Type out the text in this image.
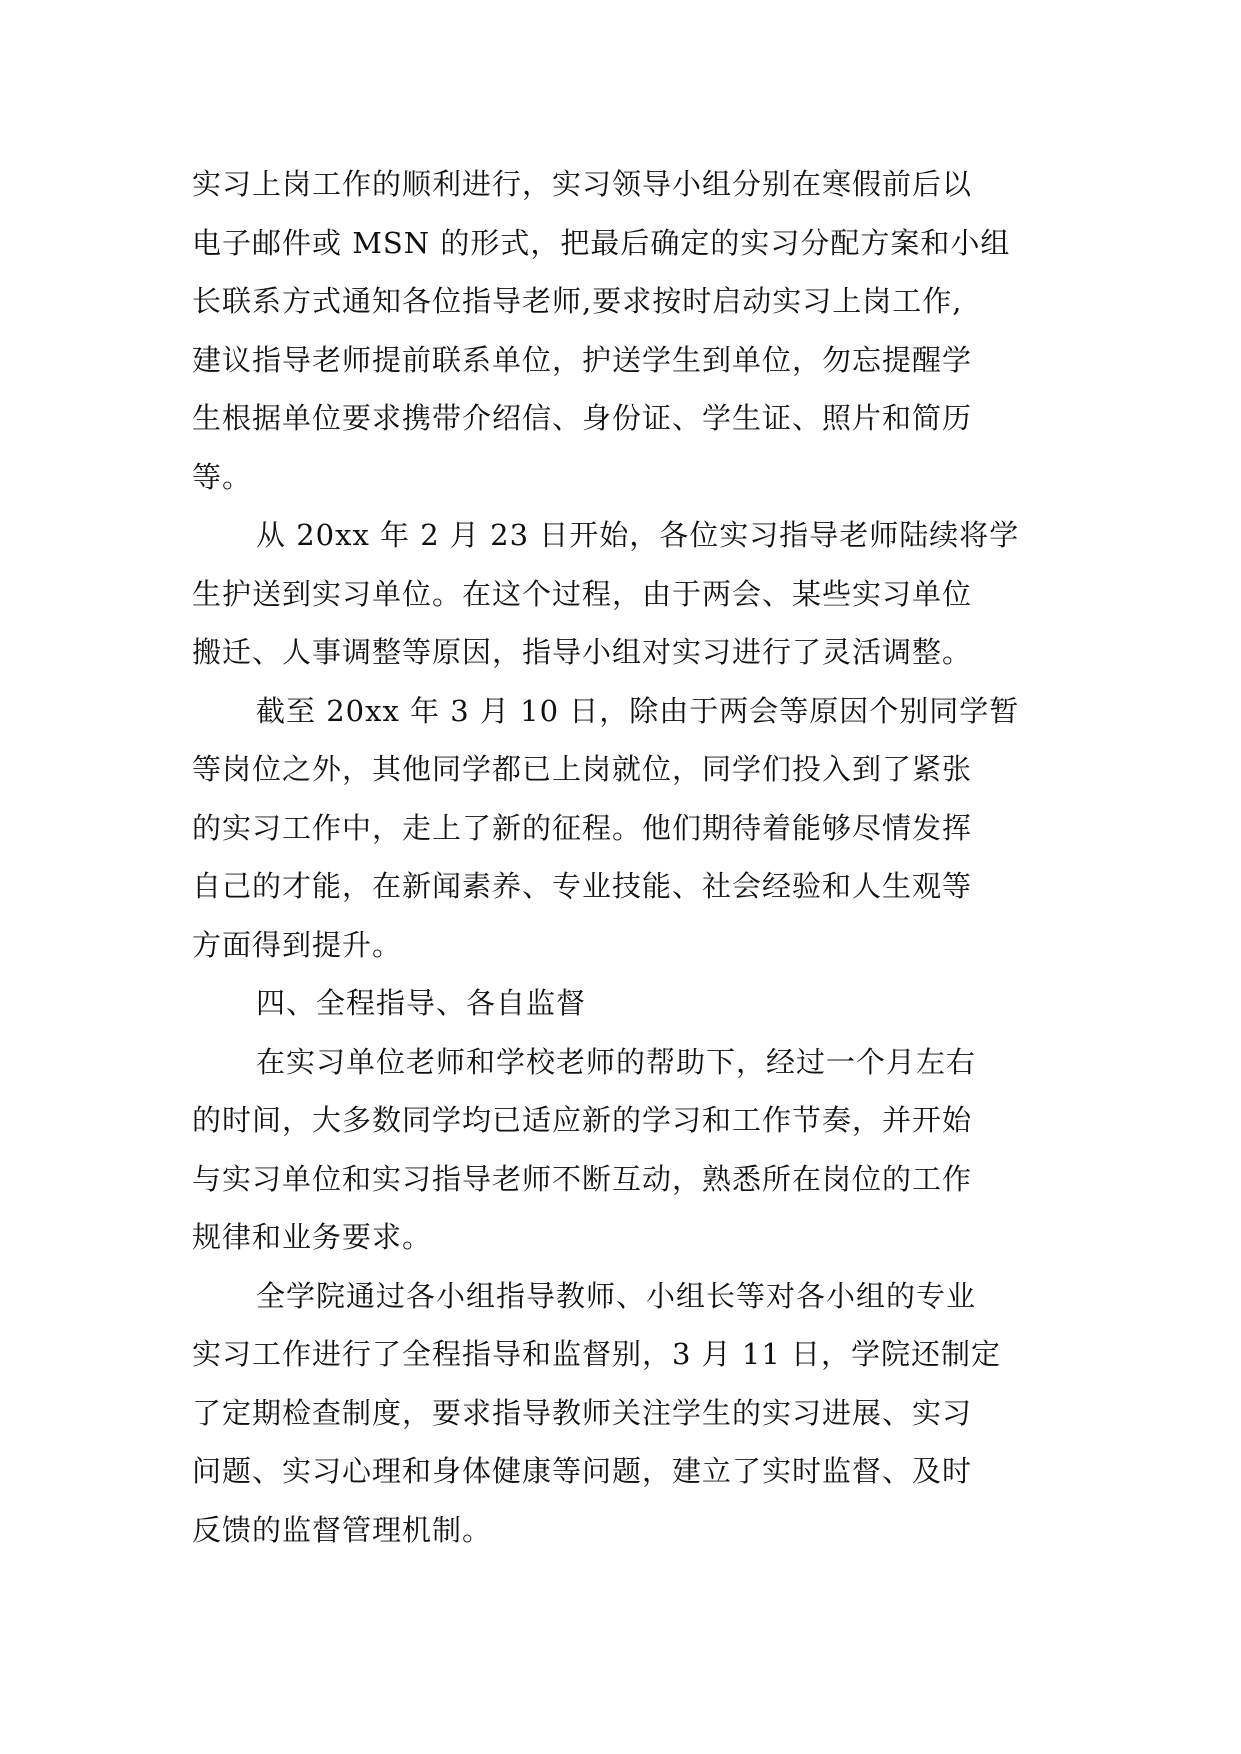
实习上岗工作的顺利进行，实习领导小组分别在寒假前后以
电子邮件或 MSN 的形式，把最后确定的实习分配方案和小组
长联系方式通知各位指导老师,要求按时启动实习上岗工作,
建议指导老师提前联系单位，护送学生到单位，勿忘提醒学
生根据单位要求携带介绍信、身份证、学生证、照片和简历
等。
从 20xx 年 2 月 23 日开始，各位实习指导老师陆续将学
生护送到实习单位。在这个过程，由于两会、某些实习单位
搬迁、人事调整等原因，指导小组对实习进行了灵活调整。
截至 20xx 年 3 月 10 日，除由于两会等原因个别同学暂
等岗位之外，其他同学都已上岗就位，同学们投入到了紧张
的实习工作中，走上了新的征程。他们期待着能够尽情发挥
自己的才能，在新闻素养、专业技能、社会经验和人生观等
方面得到提升。
四、全程指导、各自监督
在实习单位老师和学校老师的帮助下，经过一个月左右
的时间，大多数同学均已适应新的学习和工作节奏，并开始
与实习单位和实习指导老师不断互动，熟悉所在岗位的工作
规律和业务要求。
全学院通过各小组指导教师、小组长等对各小组的专业
实习工作进行了全程指导和监督别，3 月 11 日，学院还制定
了定期检查制度，要求指导教师关注学生的实习进展、实习
问题、实习心理和身体健康等问题，建立了实时监督、及时
反馈的监督管理机制。
